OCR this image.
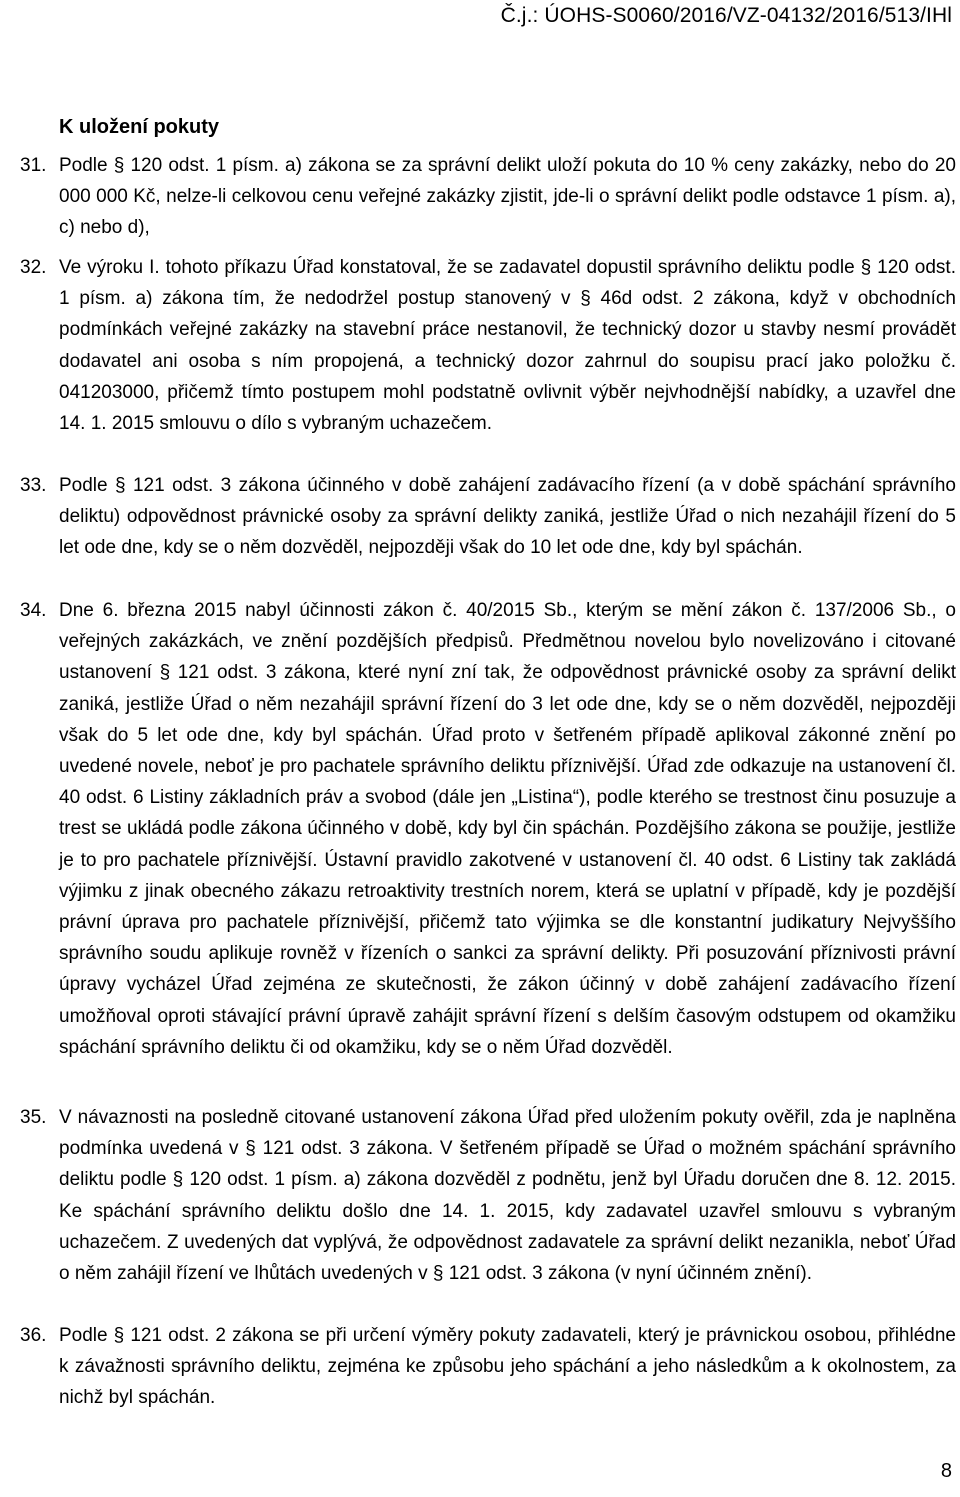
Č.j.: ÚOHS-S0060/2016/VZ-04132/2016/513/IHl
K uložení pokuty
31. Podle § 120 odst. 1 písm. a) zákona se za správní delikt uloží pokuta do 10 % ceny zakázky, nebo do 20 000 000 Kč, nelze-li celkovou cenu veřejné zakázky zjistit, jde-li o správní delikt podle odstavce 1 písm. a), c) nebo d),
32. Ve výroku I. tohoto příkazu Úřad konstatoval, že se zadavatel dopustil správního deliktu podle § 120 odst. 1 písm. a) zákona tím, že nedodržel postup stanovený v § 46d odst. 2 zákona, když v obchodních podmínkách veřejné zakázky na stavební práce nestanovil, že technický dozor u stavby nesmí provádět dodavatel ani osoba s ním propojená, a technický dozor zahrnul do soupisu prací jako položku č. 041203000, přičemž tímto postupem mohl podstatně ovlivnit výběr nejvhodnější nabídky, a uzavřel dne 14. 1. 2015 smlouvu o dílo s vybraným uchazečem.
33. Podle § 121 odst. 3 zákona účinného v době zahájení zadávacího řízení (a v době spáchání správního deliktu) odpovědnost právnické osoby za správní delikty zaniká, jestliže Úřad o nich nezahájil řízení do 5 let ode dne, kdy se o něm dozvěděl, nejpozději však do 10 let ode dne, kdy byl spáchán.
34. Dne 6. března 2015 nabyl účinnosti zákon č. 40/2015 Sb., kterým se mění zákon č. 137/2006 Sb., o veřejných zakázkách, ve znění pozdějších předpisů. Předmětnou novelou bylo novelizováno i citované ustanovení § 121 odst. 3 zákona, které nyní zní tak, že odpovědnost právnické osoby za správní delikt zaniká, jestliže Úřad o něm nezahájil správní řízení do 3 let ode dne, kdy se o něm dozvěděl, nejpozději však do 5 let ode dne, kdy byl spáchán. Úřad proto v šetřeném případě aplikoval zákonné znění po uvedené novele, neboť je pro pachatele správního deliktu příznivější. Úřad zde odkazuje na ustanovení čl. 40 odst. 6 Listiny základních práv a svobod (dále jen „Listina“), podle kterého se trestnost činu posuzuje a trest se ukládá podle zákona účinného v době, kdy byl čin spáchán. Pozdějšího zákona se použije, jestliže je to pro pachatele příznivější. Ústavní pravidlo zakotvené v ustanovení čl. 40 odst. 6 Listiny tak zakládá výjimku z jinak obecného zákazu retroaktivity trestních norem, která se uplatní v případě, kdy je pozdější právní úprava pro pachatele příznivější, přičemž tato výjimka se dle konstantní judikatury Nejvyššího správního soudu aplikuje rovněž v řízeních o sankci za správní delikty. Při posuzování příznivosti právní úpravy vycházel Úřad zejména ze skutečnosti, že zákon účinný v době zahájení zadávacího řízení umožňoval oproti stávající právní úpravě zahájit správní řízení s delším časovým odstupem od okamžiku spáchání správního deliktu či od okamžiku, kdy se o něm Úřad dozvěděl.
35. V návaznosti na posledně citované ustanovení zákona Úřad před uložením pokuty ověřil, zda je naplněna podmínka uvedená v § 121 odst. 3 zákona. V šetřeném případě se Úřad o možném spáchání správního deliktu podle § 120 odst. 1 písm. a) zákona dozvěděl z podnětu, jenž byl Úřadu doručen dne 8. 12. 2015. Ke spáchání správního deliktu došlo dne 14. 1. 2015, kdy zadavatel uzavřel smlouvu s vybraným uchazečem. Z uvedených dat vyplývá, že odpovědnost zadavatele za správní delikt nezanikla, neboť Úřad o něm zahájil řízení ve lhůtách uvedených v § 121 odst. 3 zákona (v nyní účinném znění).
36. Podle § 121 odst. 2 zákona se při určení výměry pokuty zadavateli, který je právnickou osobou, přihlédne k závažnosti správního deliktu, zejména ke způsobu jeho spáchání a jeho následkům a k okolnostem, za nichž byl spáchán.
8
